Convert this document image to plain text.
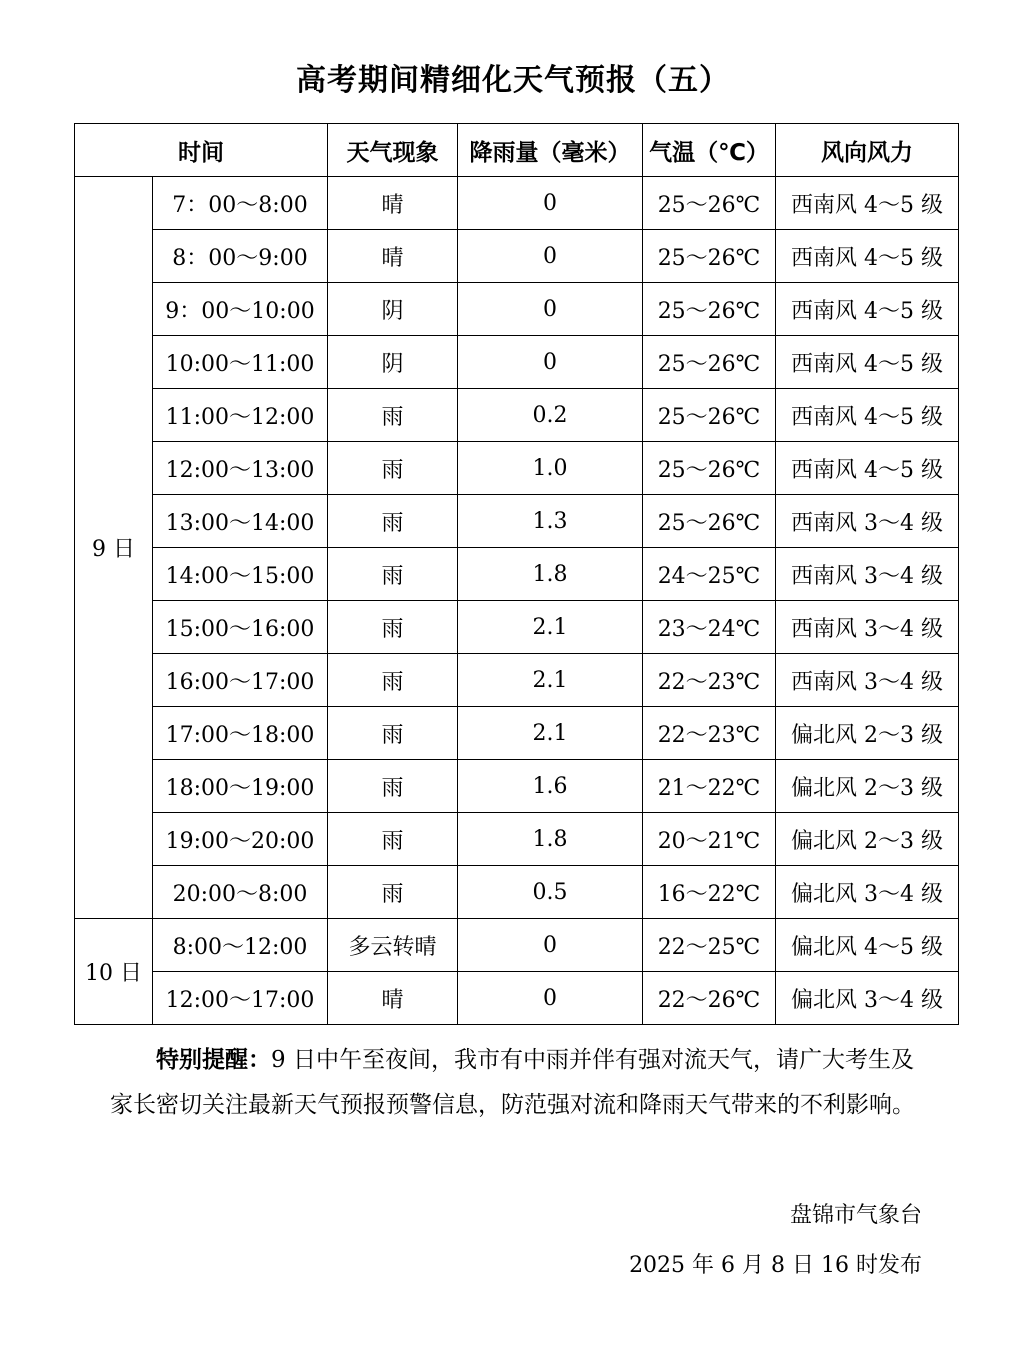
高考期间精细化天气预报（五）
时间		天气现象	降雨量（毫米）	气温（℃）	风向风力
9 日	7：00～8:00	晴	0	25～26℃	西南风 4～5 级
	8：00～9:00	晴	0	25～26℃	西南风 4～5 级
	9：00～10:00	阴	0	25～26℃	西南风 4～5 级
	10:00～11:00	阴	0	25～26℃	西南风 4～5 级
	11:00～12:00	雨	0.2	25～26℃	西南风 4～5 级
	12:00～13:00	雨	1.0	25～26℃	西南风 4～5 级
	13:00～14:00	雨	1.3	25～26℃	西南风 3～4 级
	14:00～15:00	雨	1.8	24～25℃	西南风 3～4 级
	15:00～16:00	雨	2.1	23～24℃	西南风 3～4 级
	16:00～17:00	雨	2.1	22～23℃	西南风 3～4 级
	17:00～18:00	雨	2.1	22～23℃	偏北风 2～3 级
	18:00～19:00	雨	1.6	21～22℃	偏北风 2～3 级
	19:00～20:00	雨	1.8	20～21℃	偏北风 2～3 级
	20:00～8:00	雨	0.5	16～22℃	偏北风 3～4 级
10 日	8:00～12:00	多云转晴	0	22～25℃	偏北风 4～5 级
	12:00～17:00	晴	0	22～26℃	偏北风 3～4 级
特别提醒：9 日中午至夜间，我市有中雨并伴有强对流天气，请广大考生及家长密切关注最新天气预报预警信息，防范强对流和降雨天气带来的不利影响。
盘锦市气象台
2025 年 6 月 8 日 16 时发布
